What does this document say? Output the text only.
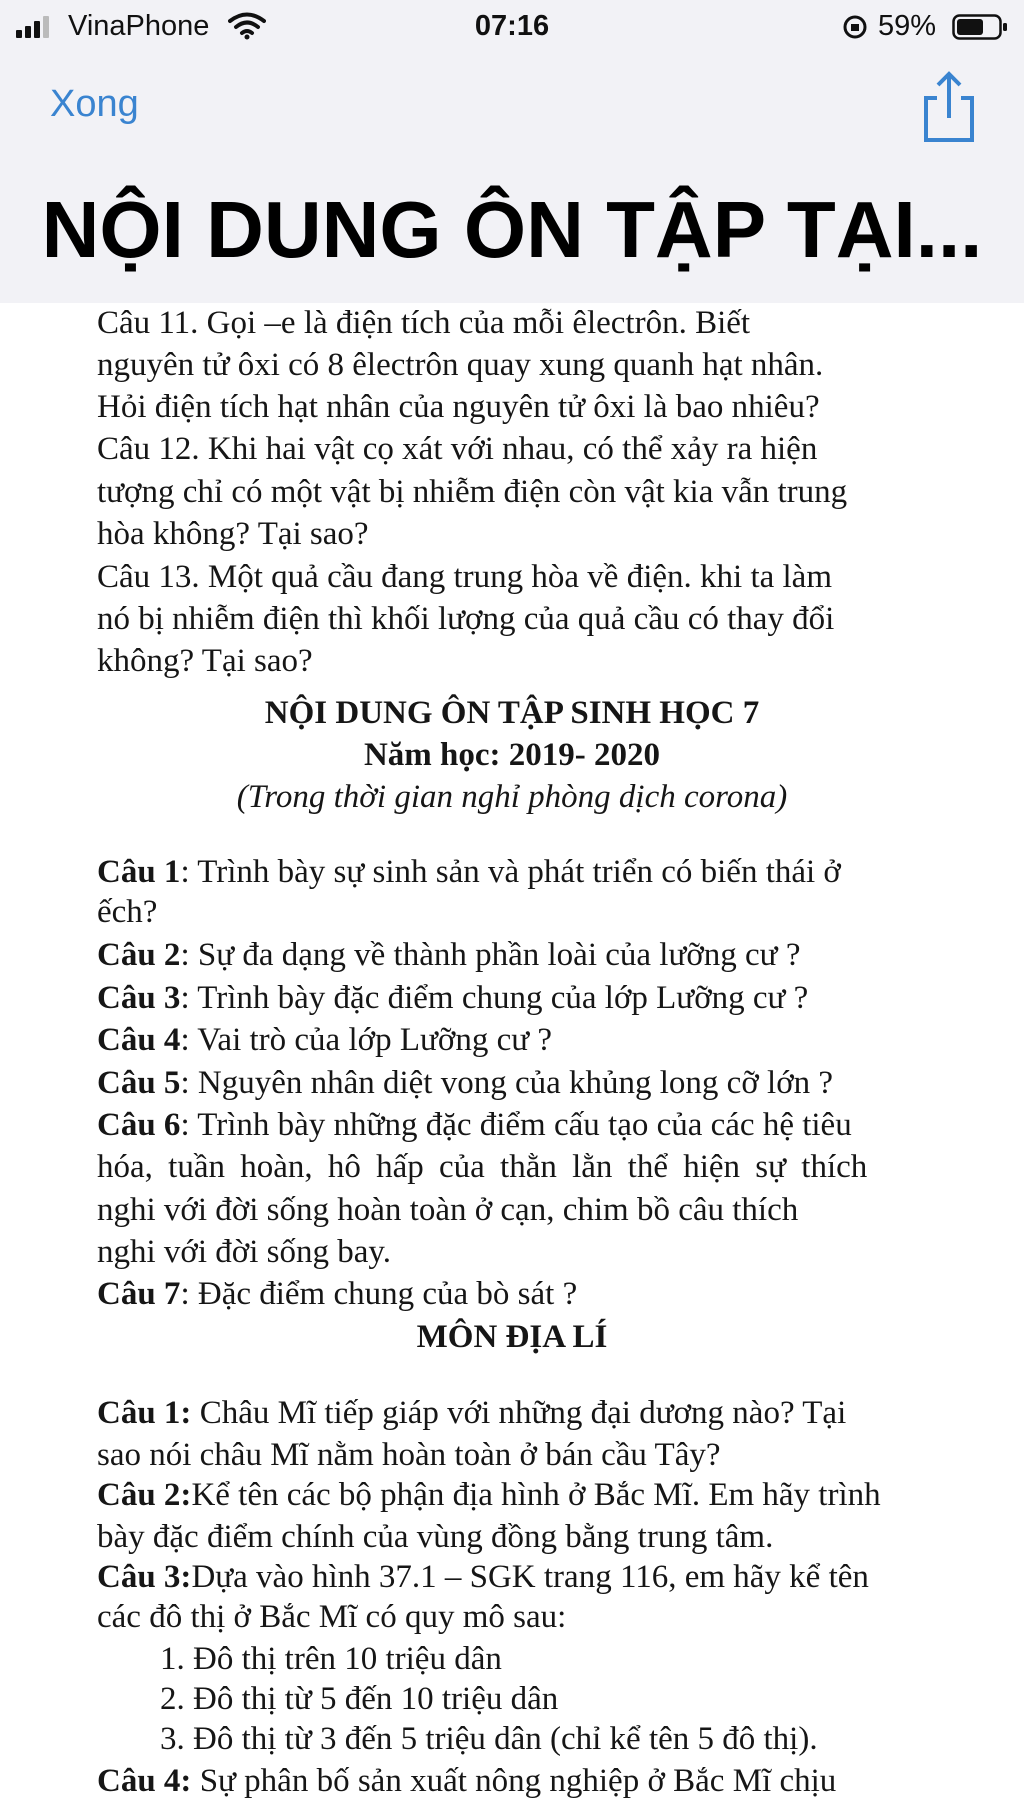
VinaPhone	07:16	59%
Xong
NỘI DUNG ÔN TẬP TẠI...
Câu 11. Gọi –e là điện tích của mỗi êlectrôn. Biết
nguyên tử ôxi có 8 êlectrôn quay xung quanh hạt nhân.
Hỏi điện tích hạt nhân của nguyên tử ôxi là bao nhiêu?
Câu 12. Khi hai vật cọ xát với nhau, có thể xảy ra hiện
tượng chỉ có một vật bị nhiễm điện còn vật kia vẫn trung
hòa không? Tại sao?
Câu 13. Một quả cầu đang trung hòa về điện. khi ta làm
nó bị nhiễm điện thì khối lượng của quả cầu có thay đổi
không? Tại sao?
NỘI DUNG ÔN TẬP SINH HỌC 7
Năm học: 2019- 2020
(Trong thời gian nghỉ phòng dịch corona)
Câu 1: Trình bày sự sinh sản và phát triển có biến thái ở
ếch?
Câu 2: Sự đa dạng về thành phần loài của lưỡng cư ?
Câu 3: Trình bày đặc điểm chung của lớp Lưỡng cư ?
Câu 4: Vai trò của lớp Lưỡng cư ?
Câu 5: Nguyên nhân diệt vong của khủng long cỡ lớn ?
Câu 6: Trình bày những đặc điểm cấu tạo của các hệ tiêu
hóa, tuần hoàn, hô hấp của thằn lằn thể hiện sự thích
nghi với đời sống hoàn toàn ở cạn, chim bồ câu thích
nghi với đời sống bay.
Câu 7: Đặc điểm chung của bò sát ?
MÔN ĐỊA LÍ
Câu 1: Châu Mĩ tiếp giáp với những đại dương nào? Tại
sao nói châu Mĩ nằm hoàn toàn ở bán cầu Tây?
Câu 2:Kể tên các bộ phận địa hình ở Bắc Mĩ. Em hãy trình
bày đặc điểm chính của vùng đồng bằng trung tâm.
Câu 3:Dựa vào hình 37.1 – SGK trang 116, em hãy kể tên
các đô thị ở Bắc Mĩ có quy mô sau:
1. Đô thị trên 10 triệu dân
2. Đô thị từ 5 đến 10 triệu dân
3. Đô thị từ 3 đến 5 triệu dân (chỉ kể tên 5 đô thị).
Câu 4: Sự phân bố sản xuất nông nghiệp ở Bắc Mĩ chịu
